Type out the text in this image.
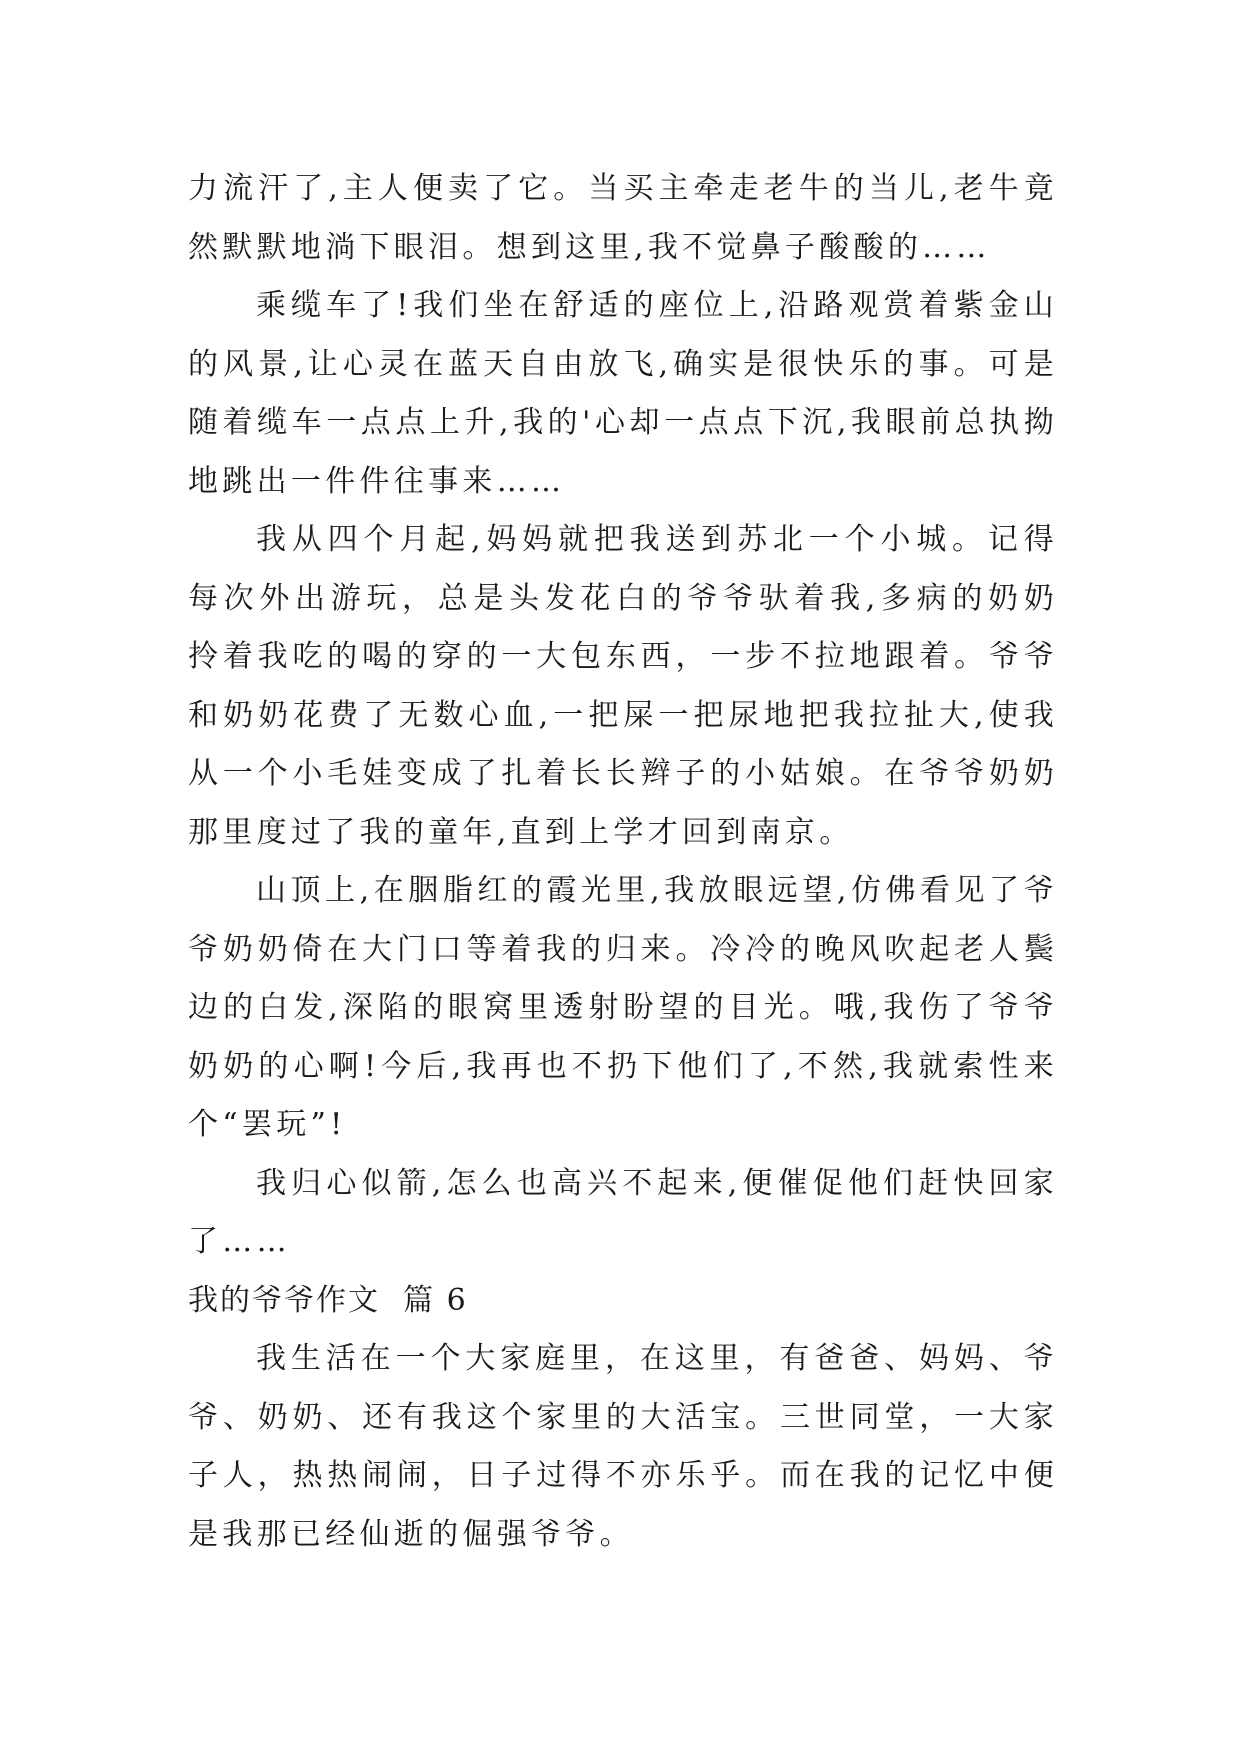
力流汗了,主人便卖了它。当买主牵走老牛的当儿,老牛竟然默默地淌下眼泪。想到这里,我不觉鼻子酸酸的……

乘缆车了!我们坐在舒适的座位上,沿路观赏着紫金山的风景,让心灵在蓝天自由放飞,确实是很快乐的事。可是随着缆车一点点上升,我的'心却一点点下沉,我眼前总执拗地跳出一件件往事来……

我从四个月起,妈妈就把我送到苏北一个小城。记得每次外出游玩，总是头发花白的爷爷驮着我,多病的奶奶拎着我吃的喝的穿的一大包东西，一步不拉地跟着。爷爷和奶奶花费了无数心血,一把屎一把尿地把我拉扯大,使我从一个小毛娃变成了扎着长长辫子的小姑娘。在爷爷奶奶那里度过了我的童年,直到上学才回到南京。

山顶上,在胭脂红的霞光里,我放眼远望,仿佛看见了爷爷奶奶倚在大门口等着我的归来。冷冷的晚风吹起老人鬓边的白发,深陷的眼窝里透射盼望的目光。哦,我伤了爷爷奶奶的心啊!今后,我再也不扔下他们了,不然,我就索性来个“罢玩”!

我归心似箭,怎么也高兴不起来,便催促他们赶快回家了……

我的爷爷作文  篇 6

我生活在一个大家庭里，在这里，有爸爸、妈妈、爷爷、奶奶、还有我这个家里的大活宝。三世同堂，一大家子人，热热闹闹，日子过得不亦乐乎。而在我的记忆中便是我那已经仙逝的倔强爷爷。
